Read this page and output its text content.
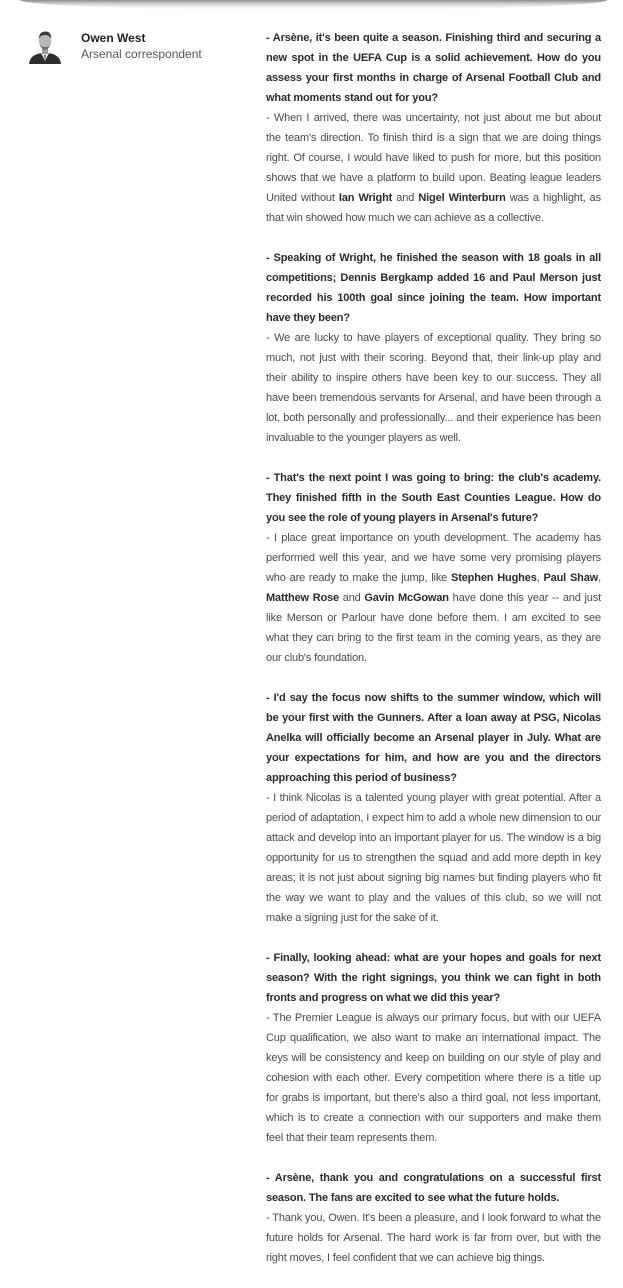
Owen West
Arsenal correspondent

- Arsène, it's been quite a season. Finishing third and securing a new spot in the UEFA Cup is a solid achievement. How do you assess your first months in charge of Arsenal Football Club and what moments stand out for you?

- When I arrived, there was uncertainty, not just about me but about the team's direction. To finish third is a sign that we are doing things right. Of course, I would have liked to push for more, but this position shows that we have a platform to build upon. Beating league leaders United without Ian Wright and Nigel Winterburn was a highlight, as that win showed how much we can achieve as a collective.

- Speaking of Wright, he finished the season with 18 goals in all competitions; Dennis Bergkamp added 16 and Paul Merson just recorded his 100th goal since joining the team. How important have they been?

- We are lucky to have players of exceptional quality. They bring so much, not just with their scoring. Beyond that, their link-up play and their ability to inspire others have been key to our success. They all have been tremendous servants for Arsenal, and have been through a lot, both personally and professionally... and their experience has been invaluable to the younger players as well.

- That's the next point I was going to bring: the club's academy. They finished fifth in the South East Counties League. How do you see the role of young players in Arsenal's future?

- I place great importance on youth development. The academy has performed well this year, and we have some very promising players who are ready to make the jump, like Stephen Hughes, Paul Shaw, Matthew Rose and Gavin McGowan have done this year -- and just like Merson or Parlour have done before them. I am excited to see what they can bring to the first team in the coming years, as they are our club's foundation.

- I'd say the focus now shifts to the summer window, which will be your first with the Gunners. After a loan away at PSG, Nicolas Anelka will officially become an Arsenal player in July. What are your expectations for him, and how are you and the directors approaching this period of business?

- I think Nicolas is a talented young player with great potential. After a period of adaptation, I expect him to add a whole new dimension to our attack and develop into an important player for us. The window is a big opportunity for us to strengthen the squad and add more depth in key areas; it is not just about signing big names but finding players who fit the way we want to play and the values of this club, so we will not make a signing just for the sake of it.

- Finally, looking ahead: what are your hopes and goals for next season? With the right signings, you think we can fight in both fronts and progress on what we did this year?

- The Premier League is always our primary focus, but with our UEFA Cup qualification, we also want to make an international impact. The keys will be consistency and keep on building on our style of play and cohesion with each other. Every competition where there is a title up for grabs is important, but there's also a third goal, not less important, which is to create a connection with our supporters and make them feel that their team represents them.

- Arsène, thank you and congratulations on a successful first season. The fans are excited to see what the future holds.

- Thank you, Owen. It's been a pleasure, and I look forward to what the future holds for Arsenal. The hard work is far from over, but with the right moves, I feel confident that we can achieve big things.
